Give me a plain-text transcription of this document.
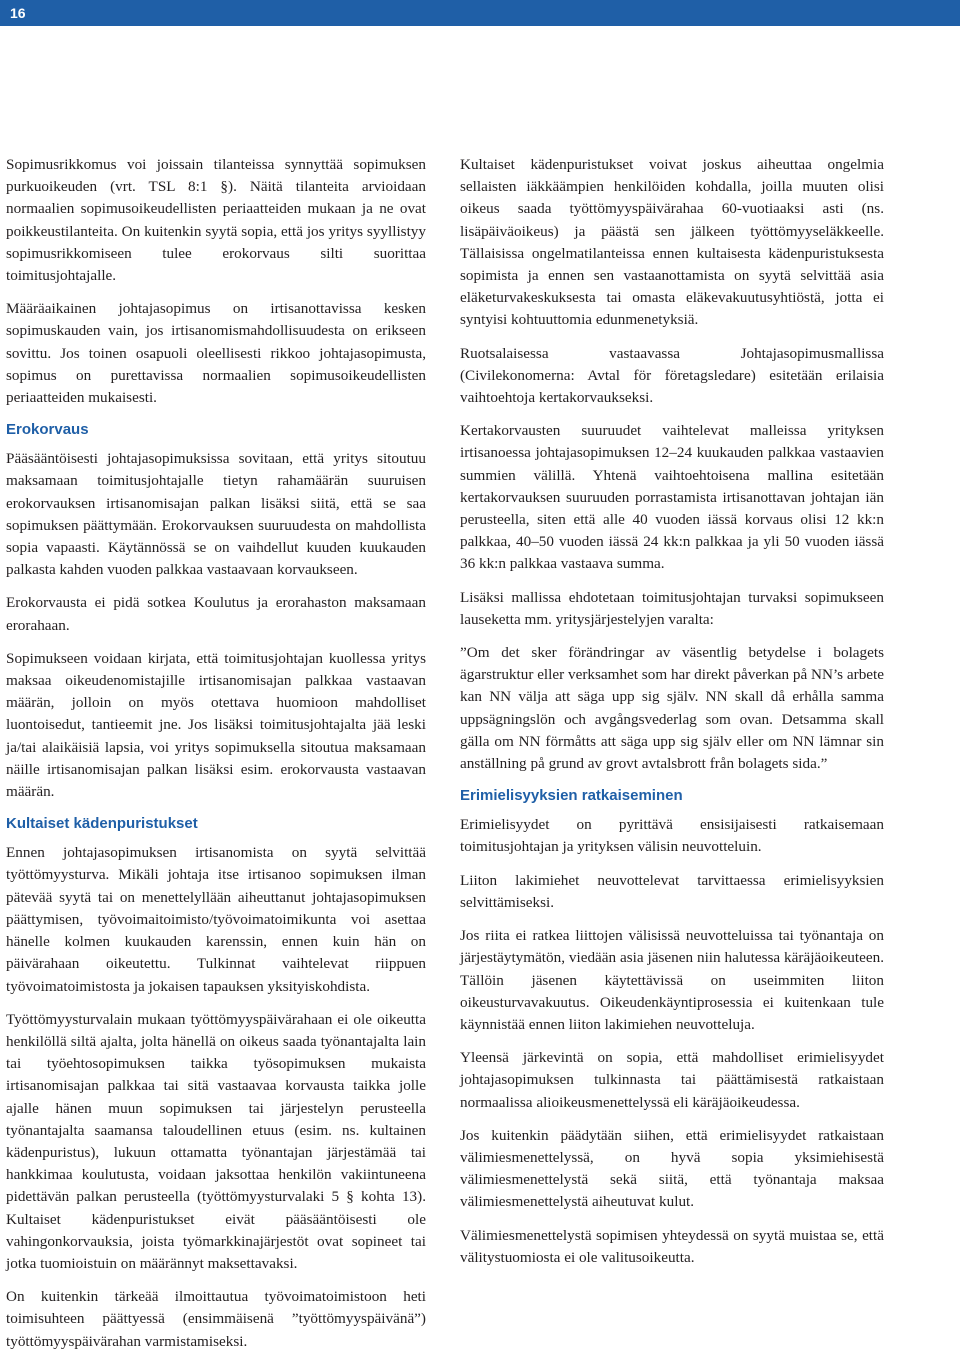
16

Sopimusrikkomus voi joissain tilanteissa synnyttää sopimuksen purkuoikeuden (vrt. TSL 8:1 §). Näitä tilanteita arvioidaan normaalien sopimusoikeudellisten periaatteiden mukaan ja ne ovat poikkeustilanteita. On kuitenkin syytä sopia, että jos yritys syyllistyy sopimusrikkomiseen tulee erokorvaus silti suorittaa toimitusjohtajalle.

Määräaikainen johtajasopimus on irtisanottavissa kesken sopimuskauden vain, jos irtisanomismahdollisuudesta on erikseen sovittu. Jos toinen osapuoli oleellisesti rikkoo johtajasopimusta, sopimus on purettavissa normaalien sopimusoikeudellisten periaatteiden mukaisesti.

Erokorvaus

Pääsääntöisesti johtajasopimuksissa sovitaan, että yritys sitoutuu maksamaan toimitusjohtajalle tietyn rahamäärän suuruisen erokorvauksen irtisanomisajan palkan lisäksi siitä, että se saa sopimuksen päättymään. Erokorvauksen suuruudesta on mahdollista sopia vapaasti. Käytännössä se on vaihdellut kuuden kuukauden palkasta kahden vuoden palkkaa vastaavaan korvaukseen.

Erokorvausta ei pidä sotkea Koulutus ja erorahaston maksamaan erorahaan.

Sopimukseen voidaan kirjata, että toimitusjohtajan kuollessa yritys maksaa oikeudenomistajille irtisanomisajan palkkaa vastaavan määrän, jolloin on myös otettava huomioon mahdolliset luontoisedut, tantieemit jne. Jos lisäksi toimitusjohtajalta jää leski ja/tai alaikäisiä lapsia, voi yritys sopimuksella sitoutua maksamaan näille irtisanomisajan palkan lisäksi esim. erokorvausta vastaavan määrän.

Kultaiset kädenpuristukset

Ennen johtajasopimuksen irtisanomista on syytä selvittää työttömyysturva. Mikäli johtaja itse irtisanoo sopimuksen ilman pätevää syytä tai on menettelyllään aiheuttanut johtajasopimuksen päättymisen, työvoimaitoimisto/työvoimatoimikunta voi asettaa hänelle kolmen kuukauden karenssin, ennen kuin hän on päivärahaan oikeutettu. Tulkinnat vaihtelevat riippuen työvoimatoimistosta ja jokaisen tapauksen yksityiskohdista.

Työttömyysturvalain mukaan työttömyyspäivärahaan ei ole oikeutta henkilöllä siltä ajalta, jolta hänellä on oikeus saada työnantajalta lain tai työehtosopimuksen taikka työsopimuksen mukaista irtisanomisajan palkkaa tai sitä vastaavaa korvausta taikka jolle ajalle hänen muun sopimuksen tai järjestelyn perusteella työnantajalta saamansa taloudellinen etuus (esim. ns. kultainen kädenpuristus), lukuun ottamatta työnantajan järjestämää tai hankkimaa koulutusta, voidaan jaksottaa henkilön vakiintuneena pidettävän palkan perusteella (työttömyysturvalaki 5 § kohta 13). Kultaiset kädenpuristukset eivät pääsääntöisesti ole vahingonkorvauksia, joista työmarkkinajärjestöt ovat sopineet tai jotka tuomioistuin on määrännyt maksettavaksi.

On kuitenkin tärkeää ilmoittautua työvoimatoimistoon heti toimisuhteen päättyessä (ensimmäisenä ”työttömyyspäivänä”) työttömyyspäivärahan varmistamiseksi.

Kultaiset kädenpuristukset voivat joskus aiheuttaa ongelmia sellaisten iäkkäämpien henkilöiden kohdalla, joilla muuten olisi oikeus saada työttömyyspäivärahaa 60-vuotiaaksi asti (ns. lisäpäiväoikeus) ja päästä sen jälkeen työttömyyseläkkeelle. Tällaisissa ongelmatilanteissa ennen kultaisesta kädenpuristuksesta sopimista ja ennen sen vastaanottamista on syytä selvittää asia eläketurvakeskuksesta tai omasta eläkevakuutusyhtiöstä, jotta ei syntyisi kohtuuttomia edunmenetyksiä.

Ruotsalaisessa vastaavassa Johtajasopimusmallissa (Civilekonomerna: Avtal för företagsledare) esitetään erilaisia vaihtoehtoja kertakorvaukseksi.

Kertakorvausten suuruudet vaihtelevat malleissa yrityksen irtisanoessa johtajasopimuksen 12–24 kuukauden palkkaa vastaavien summien välillä. Yhtenä vaihtoehtoisena mallina esitetään kertakorvauksen suuruuden porrastamista irtisanottavan johtajan iän perusteella, siten että alle 40 vuoden iässä korvaus olisi 12 kk:n palkkaa, 40–50 vuoden iässä 24 kk:n palkkaa ja yli 50 vuoden iässä 36 kk:n palkkaa vastaava summa.

Lisäksi mallissa ehdotetaan toimitusjohtajan turvaksi sopimukseen lauseketta mm. yritysjärjestelyjen varalta:

”Om det sker förändringar av väsentlig betydelse i bolagets ägarstruktur eller verksamhet som har direkt påverkan på NN’s arbete kan NN välja att säga upp sig själv. NN skall då erhålla samma uppsägningslön och avgångsvederlag som ovan. Detsamma skall gälla om NN förmåtts att säga upp sig själv eller om NN lämnar sin anställning på grund av grovt avtalsbrott från bolagets sida.”

Erimielisyyksien ratkaiseminen

Erimielisyydet on pyrittävä ensisijaisesti ratkaisemaan toimitusjohtajan ja yrityksen välisin neuvotteluin.

Liiton lakimiehet neuvottelevat tarvittaessa erimielisyyksien selvittämiseksi.

Jos riita ei ratkea liittojen välisissä neuvotteluissa tai työnantaja on järjestäytymätön, viedään asia jäsenen niin halutessa käräjäoikeuteen. Tällöin jäsenen käytettävissä on useimmiten liiton oikeusturvavakuutus. Oikeudenkäyntiprosessia ei kuitenkaan tule käynnistää ennen liiton lakimiehen neuvotteluja.

Yleensä järkevintä on sopia, että mahdolliset erimielisyydet johtajasopimuksen tulkinnasta tai päättämisestä ratkaistaan normaalissa alioikeusmenettelyssä eli käräjäoikeudessa.

Jos kuitenkin päädytään siihen, että erimielisyydet ratkaistaan välimiesmenettelyssä, on hyvä sopia yksimiehisestä välimiesmenettelystä sekä siitä, että työnantaja maksaa välimiesmenettelystä aiheutuvat kulut.

Välimiesmenettelystä sopimisen yhteydessä on syytä muistaa se, että välitystuomiosta ei ole valitusoikeutta.
